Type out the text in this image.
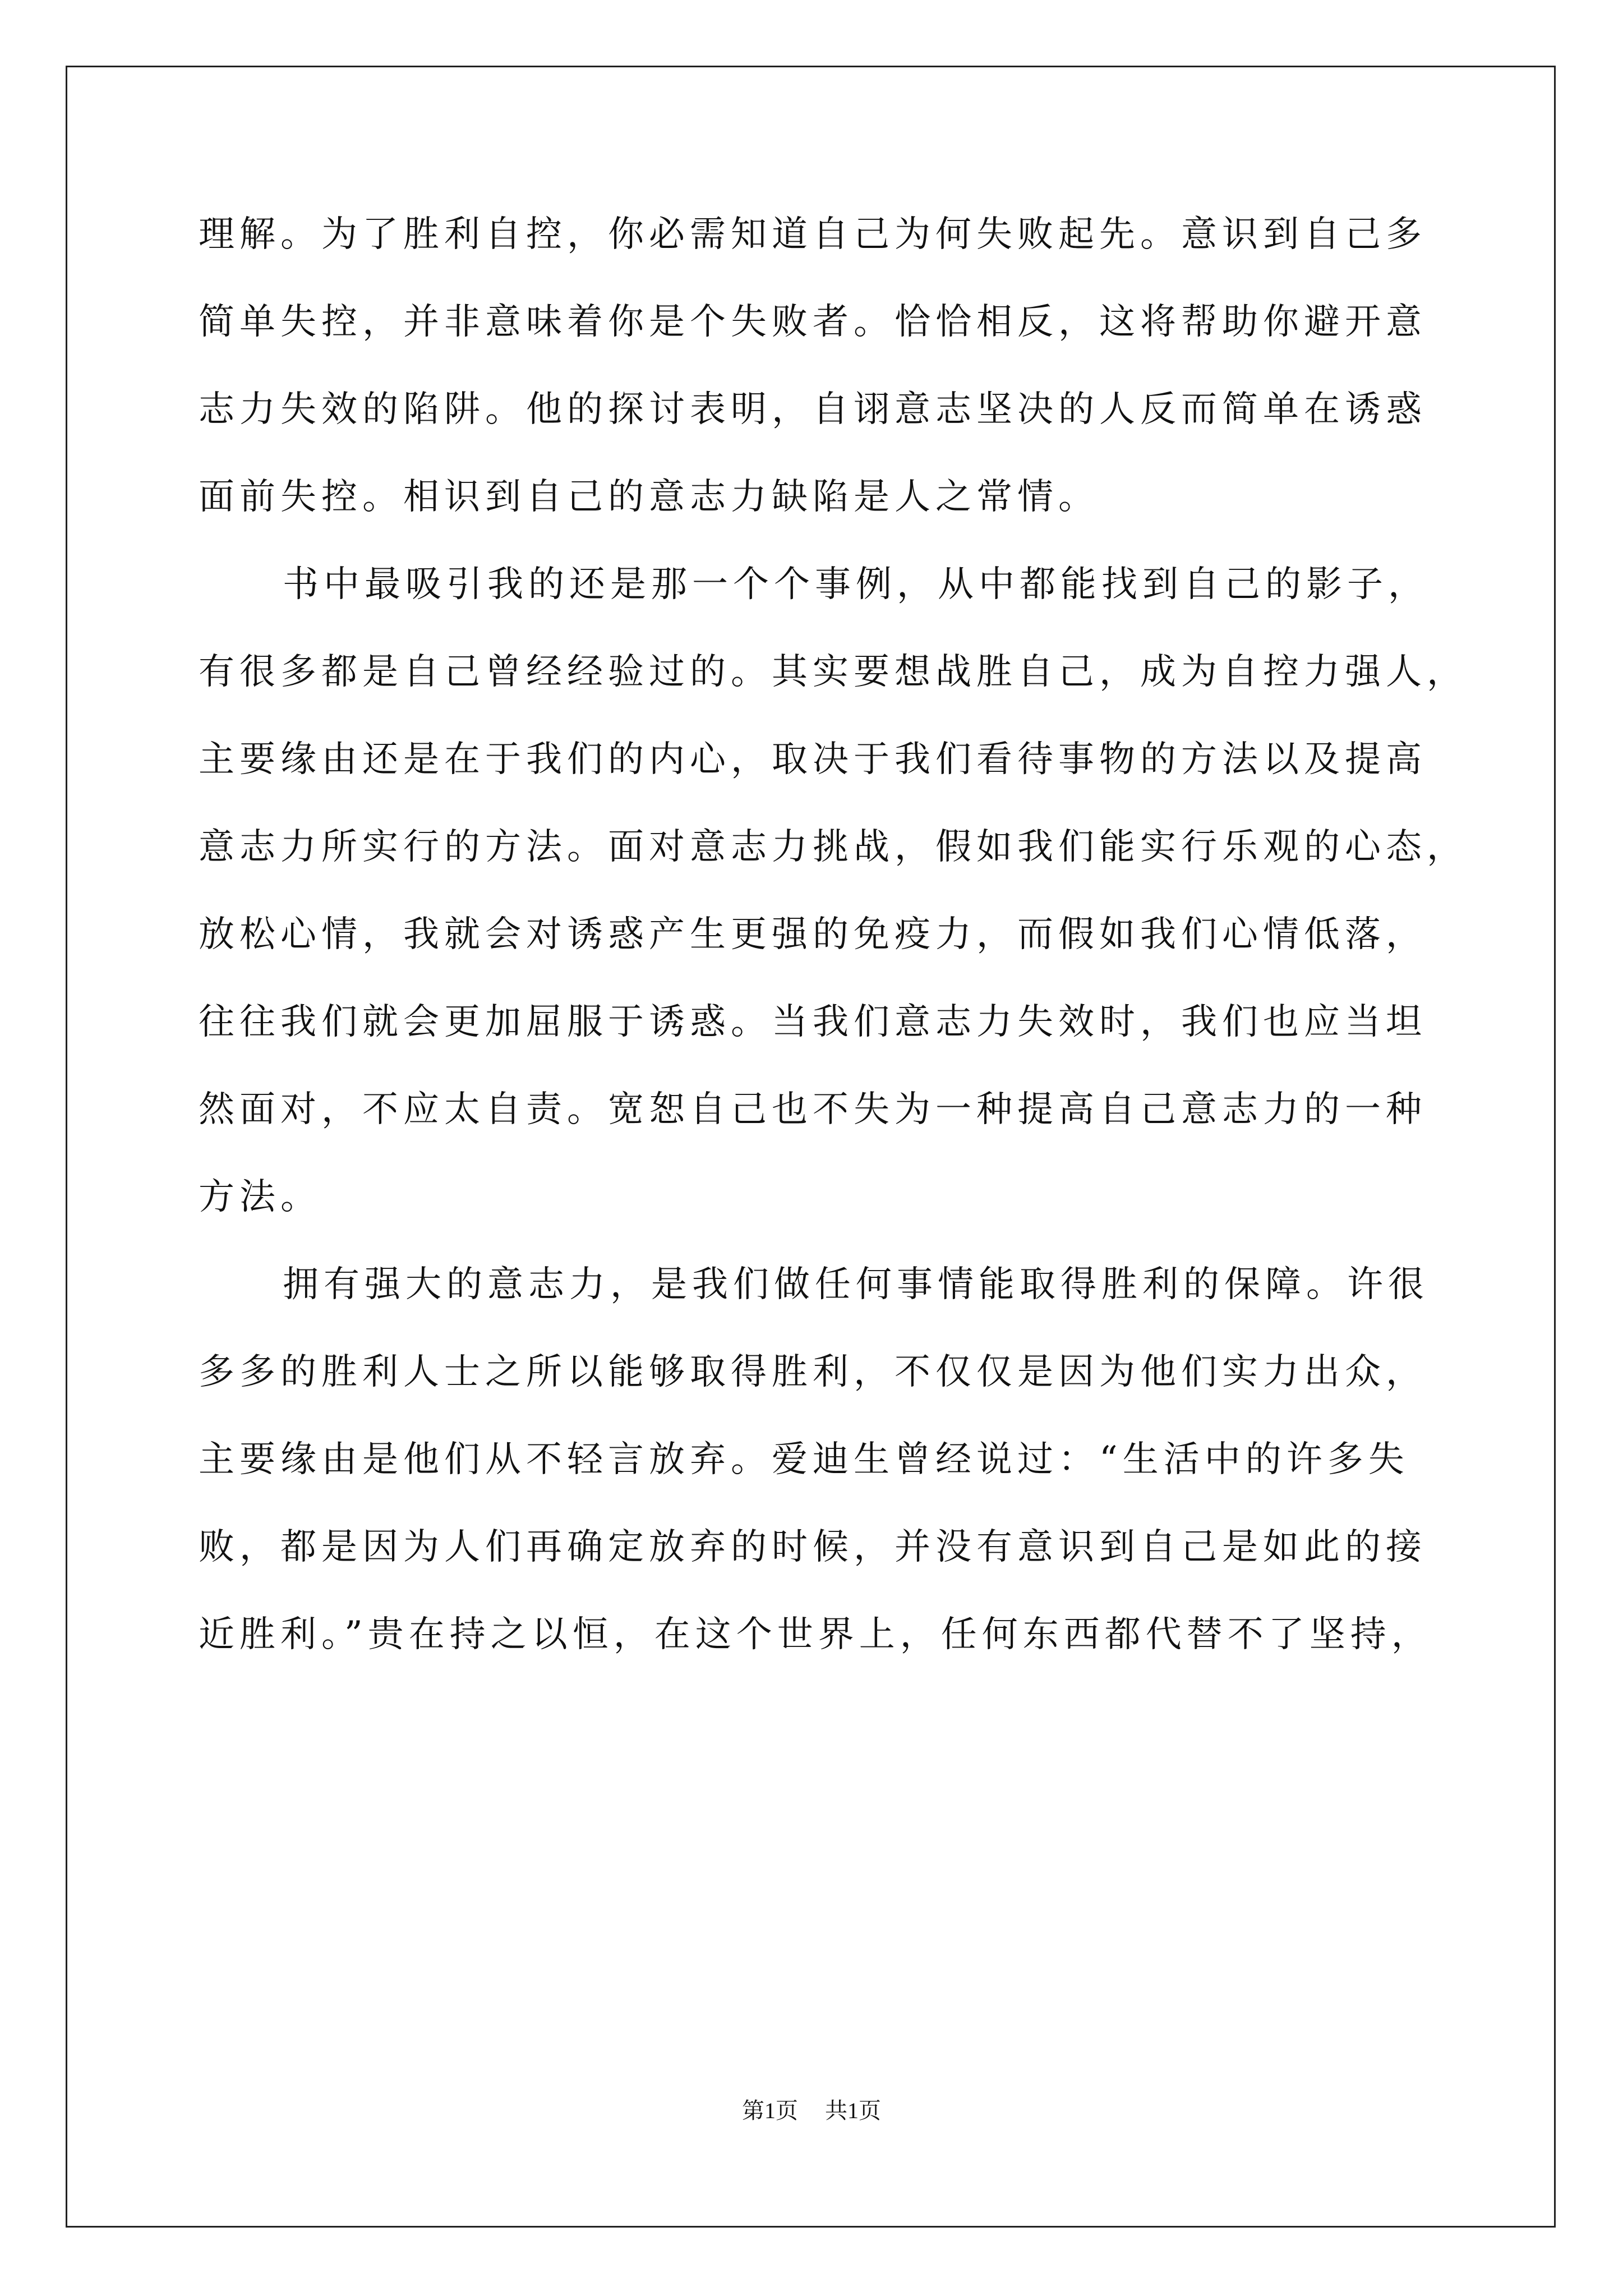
理解。为了胜利自控，你必需知道自己为何失败起先。意识到自己多
简单失控，并非意味着你是个失败者。恰恰相反，这将帮助你避开意
志力失效的陷阱。他的探讨表明，自诩意志坚决的人反而简单在诱惑
面前失控。相识到自己的意志力缺陷是人之常情。
书中最吸引我的还是那一个个事例，从中都能找到自己的影子，
有很多都是自己曾经经验过的。其实要想战胜自己，成为自控力强人，
主要缘由还是在于我们的内心，取决于我们看待事物的方法以及提高
意志力所实行的方法。面对意志力挑战，假如我们能实行乐观的心态，
放松心情，我就会对诱惑产生更强的免疫力，而假如我们心情低落，
往往我们就会更加屈服于诱惑。当我们意志力失效时，我们也应当坦
然面对，不应太自责。宽恕自己也不失为一种提高自己意志力的一种
方法。
拥有强大的意志力，是我们做任何事情能取得胜利的保障。许很
多多的胜利人士之所以能够取得胜利，不仅仅是因为他们实力出众，
主要缘由是他们从不轻言放弃。爱迪生曾经说过：“生活中的许多失
败，都是因为人们再确定放弃的时候，并没有意识到自己是如此的接
近胜利。”贵在持之以恒，在这个世界上，任何东西都代替不了坚持，
第1页 共1页
